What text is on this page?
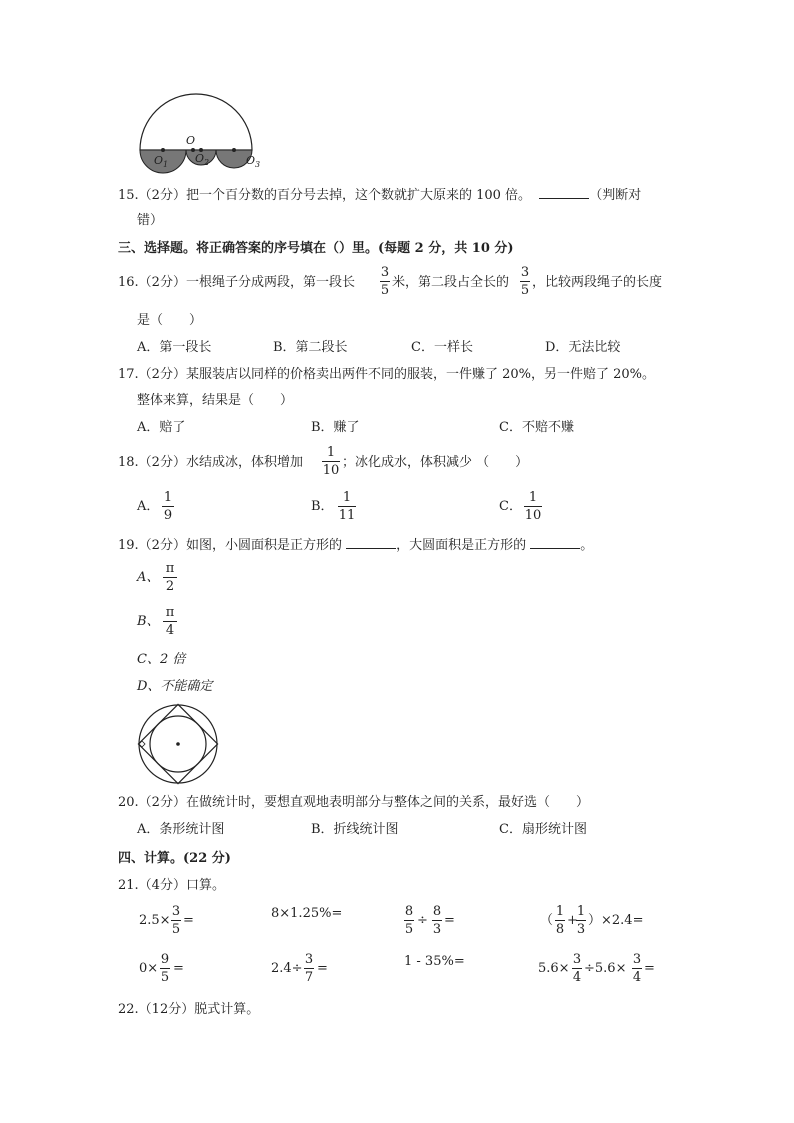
O
$O_1$ $O_2$	$O_3$
15.（2分）把一个百分数的百分号去掉，这个数就扩大原来的 100 倍。	（判断对
错）
三、选择题。将正确答案的序号填在（）里。(每题 2 分，共 10 分)
16.（2分）一根绳子分成两段，第一段长
3
5
米，第二段占全长的
3
5
，比较两段绳子的长度
是（　　）
A．第一段长	B．第二段长	C．一样长	D．无法比较
17.（2分）某服装店以同样的价格卖出两件不同的服装，一件赚了 20%，另一件赔了 20%。
整体来算，结果是（　　）
A．赔了	B．赚了	C．不赔不赚
18.（2分）水结成冰，体积增加
1
10
；冰化成水，体积减少 （　　）
A．
1
9
B．
1
11
C．
1
10
19.（2分）如图，小圆面积是正方形的	，大圆面积是正方形的	。
A、
π
2
B、
π
4
C、2 倍
D、不能确定
20.（2分）在做统计时，要想直观地表明部分与整体之间的关系，最好选（　　）
A．条形统计图	B．折线统计图	C．扇形统计图
四、计算。(22 分)
21.（4分）口算。
2.5×
3
5
=	8×1.25%=	8
5
÷
8
3
=	（
1
8
+
1
3
）×2.4=
0×
9
5
=	2.4÷
3
7
=	1 - 35%=	5.6×
3
4
÷5.6×
3
4
=
22.（12分）脱式计算。
